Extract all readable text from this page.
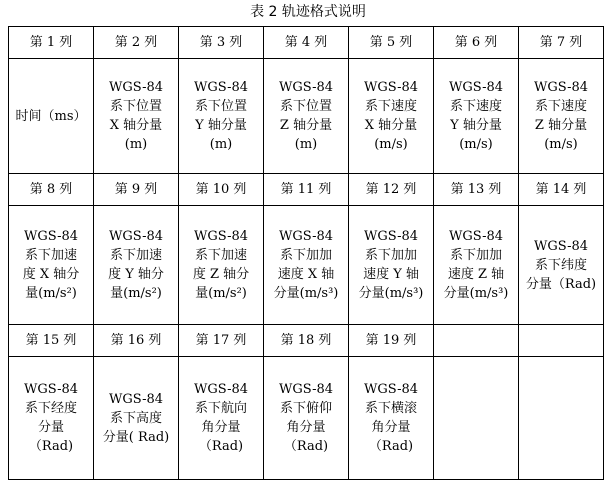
表 2 轨迹格式说明
第 1 列	第 2 列	第 3 列	第 4 列	第 5 列	第 6 列	第 7 列

时间（ms）	WGS-84
系下位置
X 轴分量
(m)	WGS-84
系下位置
Y 轴分量
(m)	WGS-84
系下位置
Z 轴分量
(m)	WGS-84
系下速度
X 轴分量
(m/s)	WGS-84
系下速度
Y 轴分量
(m/s)	WGS-84
系下速度
Z 轴分量
(m/s)

第 8 列	第 9 列	第 10 列	第 11 列	第 12 列	第 13 列	第 14 列

WGS-84
系下加速
度 X 轴分
量(m/s²)	WGS-84
系下加速
度 Y 轴分
量(m/s²)	WGS-84
系下加速
度 Z 轴分
量(m/s²)	WGS-84
系下加加
速度 X 轴
分量(m/s³)	WGS-84
系下加加
速度 Y 轴
分量(m/s³)	WGS-84
系下加加
速度 Z 轴
分量(m/s³)	WGS-84
系下纬度
分量（Rad)

第 15 列	第 16 列	第 17 列	第 18 列	第 19 列		

WGS-84
系下经度
分量
（Rad)	WGS-84
系下高度
分量( Rad)	WGS-84
系下航向
角分量
（Rad)	WGS-84
系下俯仰
角分量
（Rad)	WGS-84
系下横滚
角分量
（Rad)		
